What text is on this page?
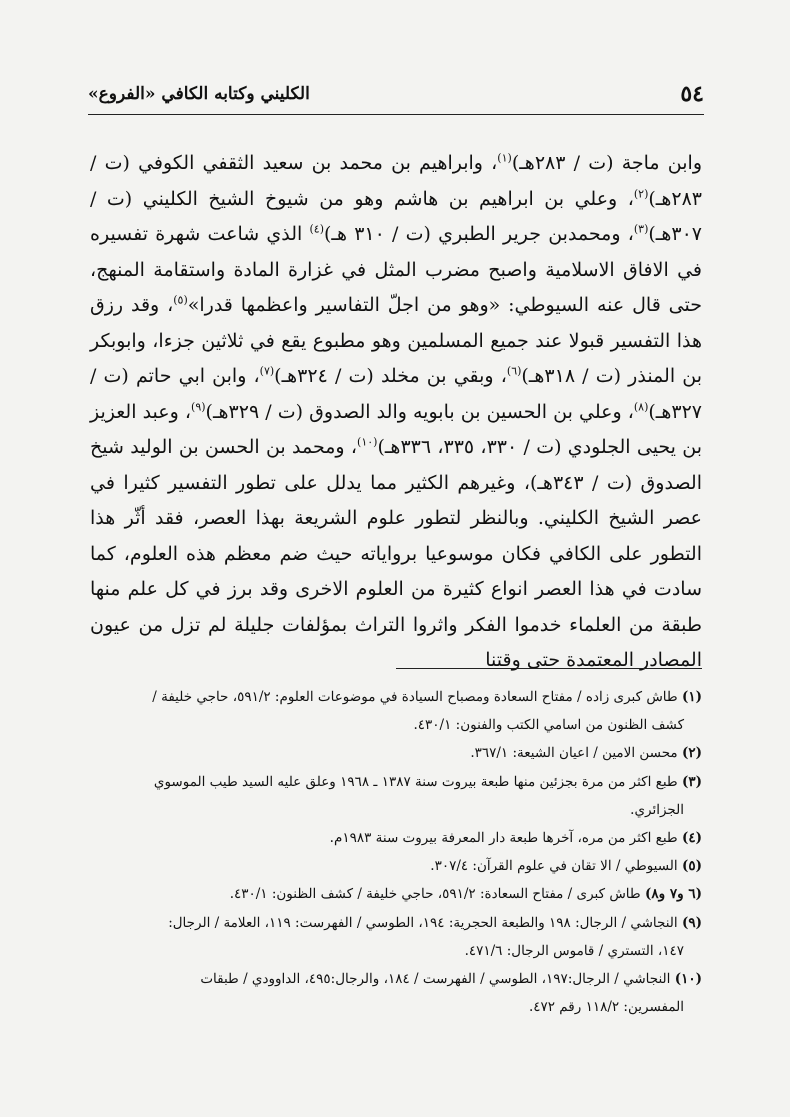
٥٤
الكليني وكتابه الكافي «الفروع»

وابن ماجة (ت / ٢٨٣هـ)$^{(١)}$، وابراهيم بن محمد بن سعيد الثقفي الكوفي (ت / ٢٨٣هـ)$^{(٢)}$، وعلي بن ابراهيم بن هاشم وهو من شيوخ الشيخ الكليني (ت / ٣٠٧هـ)$^{(٣)}$، ومحمدبن جرير الطبري (ت / ٣١٠ هـ)$^{(٤)}$ الذي شاعت شهرة تفسيره في الافاق الاسلامية واصبح مضرب المثل في غزارة المادة واستقامة المنهج، حتى قال عنه السيوطي: «وهو من اجلّ التفاسير واعظمها قدرا»$^{(٥)}$، وقد رزق هذا التفسير قبولا عند جميع المسلمين وهو مطبوع يقع في ثلاثين جزءا، وابوبكر بن المنذر (ت / ٣١٨هـ)$^{(٦)}$، وبقي بن مخلد (ت / ٣٢٤هـ)$^{(٧)}$، وابن ابي حاتم (ت / ٣٢٧هـ)$^{(٨)}$، وعلي بن الحسين بن بابويه والد الصدوق (ت / ٣٢٩هـ)$^{(٩)}$، وعبد العزيز بن يحيى الجلودي (ت / ٣٣٠، ٣٣٥، ٣٣٦هـ)$^{(١٠)}$، ومحمد بن الحسن بن الوليد شيخ الصدوق (ت / ٣٤٣هـ)، وغيرهم الكثير مما يدلل على تطور التفسير كثيرا في عصر الشيخ الكليني. وبالنظر لتطور علوم الشريعة بهذا العصر، فقد أثّر هذا التطور على الكافي فكان موسوعيا برواياته حيث ضم معظم هذه العلوم، كما سادت في هذا العصر انواع كثيرة من العلوم الاخرى وقد برز في كل علم منها طبقة من العلماء خدموا الفكر واثروا التراث بمؤلفات جليلة لم تزل من عيون المصادر المعتمدة حتى وقتنا

(١) طاش كبرى زاده / مفتاح السعادة ومصباح السيادة في موضوعات العلوم: ٥٩١/٢، حاجي خليفة /

كشف الظنون من اسامي الكتب والفنون: ٤٣٠/١.

(٢) محسن الامين / اعيان الشيعة: ٣٦٧/١.

(٣) طبع اكثر من مرة بجزئين منها طبعة بيروت سنة ١٣٨٧ ـ ١٩٦٨ وعلق عليه السيد طيب الموسوي

الجزائري.

(٤) طبع اكثر من مره، آخرها طبعة دار المعرفة بيروت سنة ١٩٨٣م.

(٥) السيوطي / الا تقان في علوم القرآن: ٣٠٧/٤.

(٦ و٧ و٨) طاش كبرى / مفتاح السعادة: ٥٩١/٢، حاجي خليفة / كشف الظنون: ٤٣٠/١.

(٩) النجاشي / الرجال: ١٩٨ والطبعة الحجرية: ١٩٤، الطوسي / الفهرست: ١١٩، العلامة / الرجال:

١٤٧، التستري / قاموس الرجال: ٤٧١/٦.

(١٠) النجاشي / الرجال:١٩٧، الطوسي / الفهرست / ١٨٤، والرجال:٤٩٥، الداوودي / طبقات

المفسرين: ١١٨/٢ رقم ٤٧٢.
